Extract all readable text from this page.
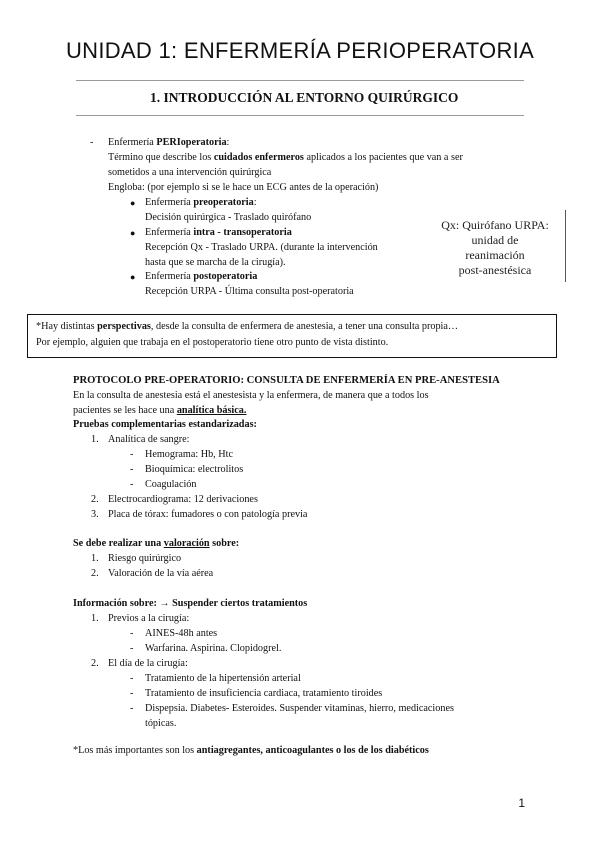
UNIDAD 1: ENFERMERÍA PERIOPERATORIA
1. INTRODUCCIÓN AL ENTORNO QUIRÚRGICO
- Enfermería PERIoperatoria:
Término que describe los cuidados enfermeros aplicados a los pacientes que van a ser
sometidos a una intervención quirúrgica
Engloba: (por ejemplo si se le hace un ECG antes de la operación)
● Enfermería preoperatoria:
Decisión quirúrgica - Traslado quirófano
● Enfermería intra - transoperatoria
Recepción Qx - Traslado URPA. (durante la intervención
hasta que se marcha de la cirugía).
● Enfermería postoperatoria
Recepción URPA - Última consulta post-operatoria
Qx: Quirófano URPA:
unidad de
reanimación
post-anestésica
*Hay distintas perspectivas, desde la consulta de enfermera de anestesia, a tener una consulta propia…
Por ejemplo, alguien que trabaja en el postoperatorio tiene otro punto de vista distinto.
PROTOCOLO PRE-OPERATORIO: CONSULTA DE ENFERMERÍA EN PRE-ANESTESIA
En la consulta de anestesia está el anestesista y la enfermera, de manera que a todos los
pacientes se les hace una analítica básica.
Pruebas complementarias estandarizadas:
1. Analítica de sangre:
- Hemograma: Hb, Htc
- Bioquímica: electrolitos
- Coagulación
2. Electrocardiograma: 12 derivaciones
3. Placa de tórax: fumadores o con patología previa
Se debe realizar una valoración sobre:
1. Riesgo quirúrgico
2. Valoración de la vía aérea
Información sobre: → Suspender ciertos tratamientos
1. Previos a la cirugía:
- AINES-48h antes
- Warfarina. Aspirina. Clopidogrel.
2. El día de la cirugía:
- Tratamiento de la hipertensión arterial
- Tratamiento de insuficiencia cardiaca, tratamiento tiroides
- Dispepsia. Diabetes- Esteroides. Suspender vitaminas, hierro, medicaciones
tópicas.
*Los más importantes son los antiagregantes, anticoagulantes o los de los diabéticos
1
